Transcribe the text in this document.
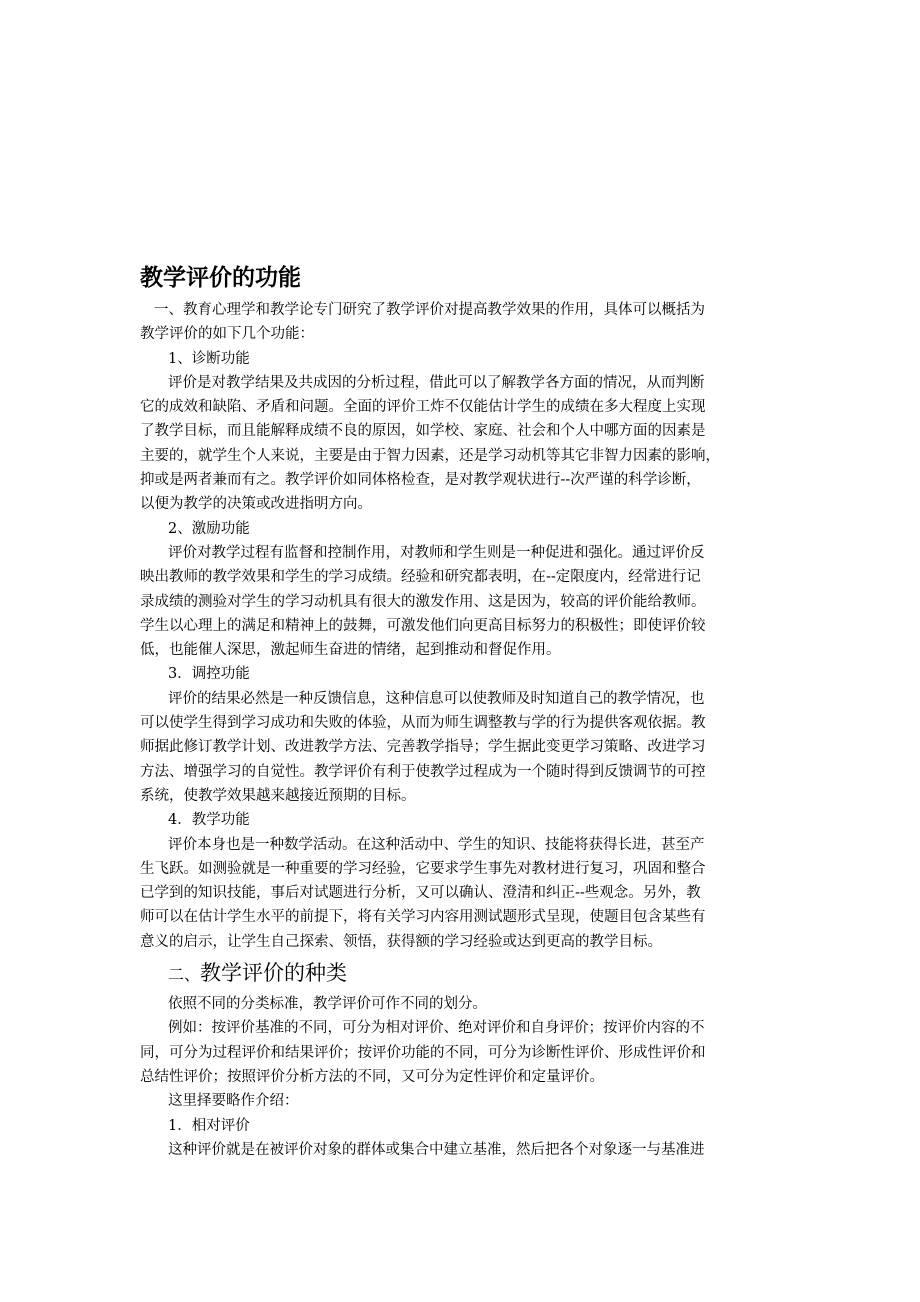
教学评价的功能
一、教育心理学和教学论专门研究了教学评价对提高教学效果的作用，具体可以概括为
教学评价的如下几个功能：
1、诊断功能
评价是对教学结果及共成因的分析过程，借此可以了解教学各方面的情况，从而判断
它的成效和缺陷、矛盾和问题。全面的评价工炸不仅能估计学生的成绩在多大程度上实现
了教学目标，而且能解释成绩不良的原因，如学校、家庭、社会和个人中哪方面的因素是
主要的，就学生个人来说，主要是由于智力因素，还是学习动机等其它非智力因素的影响，
抑或是两者兼而有之。教学评价如同体格检查，是对教学观状进行--次严谨的科学诊断，
以便为教学的决策或改进指明方向。
2、激励功能
评价对教学过程有监督和控制作用，对教师和学生则是一种促进和强化。通过评价反
映出教师的教学效果和学生的学习成绩。经验和研究都表明，在--定限度内，经常进行记
录成绩的测验对学生的学习动机具有很大的激发作用、这是因为，较高的评价能给教师。
学生以心理上的满足和精神上的鼓舞，可激发他们向更高目标努力的积极性；即使评价较
低，也能催人深思，激起师生奋进的情绪，起到推动和督促作用。
3．调控功能
评价的结果必然是一种反馈信息，这种信息可以使教师及时知道自己的教学情况，也
可以使学生得到学习成功和失败的体验，从而为师生调整教与学的行为提供客观依据。教
师据此修订教学计划、改进教学方法、完善教学指导；学生据此变更学习策略、改进学习
方法、增强学习的自觉性。教学评价有利于使教学过程成为一个随时得到反馈调节的可控
系统，使教学效果越来越接近预期的目标。
4．教学功能
评价本身也是一种数学活动。在这种活动中、学生的知识、技能将获得长进，甚至产
生飞跃。如测验就是一种重要的学习经验，它要求学生事先对教材进行复习，巩固和整合
已学到的知识技能，事后对试题进行分析，又可以确认、澄清和纠正--些观念。另外，教
师可以在估计学生水平的前提下，将有关学习内容用测试题形式呈现，使题目包含某些有
意义的启示，让学生自己探索、领悟，获得额的学习经验或达到更高的教学目标。
二、教学评价的种类
依照不同的分类标准，教学评价可作不同的划分。
例如：按评价基准的不同，可分为相对评价、绝对评价和自身评价；按评价内容的不
同，可分为过程评价和结果评价；按评价功能的不同，可分为诊断性评价、形成性评价和
总结性评价；按照评价分析方法的不同，又可分为定性评价和定量评价。
这里择要略作介绍：
1．相对评价
这种评价就是在被评价对象的群体或集合中建立基准，然后把各个对象逐一与基准进
